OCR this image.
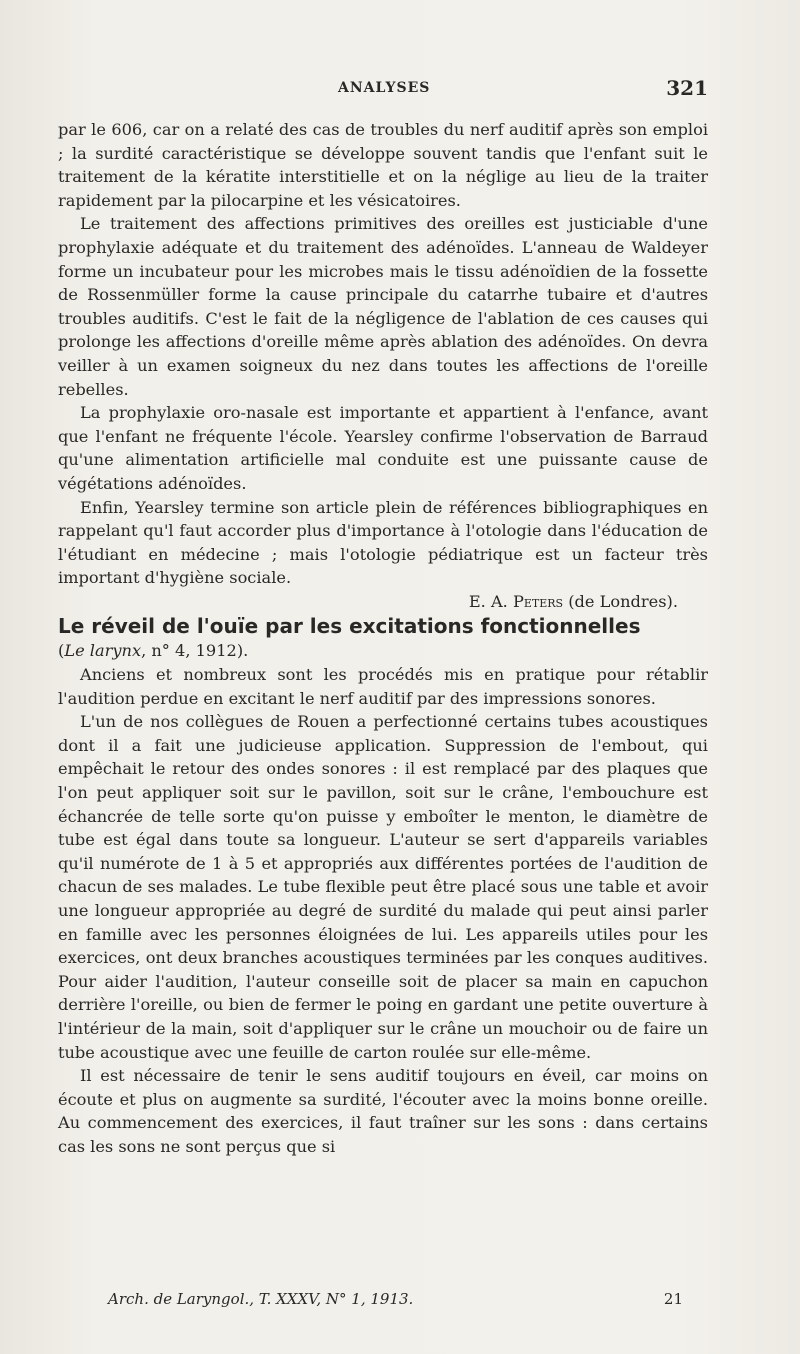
ANALYSES	321

par le 606, car on a relaté des cas de troubles du nerf auditif après son emploi ; la surdité caractéristique se développe souvent tandis que l'enfant suit le traitement de la kératite interstitielle et on la néglige au lieu de la traiter rapidement par la pilocarpine et les vésicatoires.

Le traitement des affections primitives des oreilles est justiciable d'une prophylaxie adéquate et du traitement des adénoïdes. L'anneau de Waldeyer forme un incubateur pour les microbes mais le tissu adénoïdien de la fossette de Rossenmüller forme la cause principale du catarrhe tubaire et d'autres troubles auditifs. C'est le fait de la négligence de l'ablation de ces causes qui prolonge les affections d'oreille même après ablation des adénoïdes. On devra veiller à un examen soigneux du nez dans toutes les affections de l'oreille rebelles.

La prophylaxie oro-nasale est importante et appartient à l'enfance, avant que l'enfant ne fréquente l'école. Yearsley confirme l'observation de Barraud qu'une alimentation artificielle mal conduite est une puissante cause de végétations adénoïdes.

Enfin, Yearsley termine son article plein de références bibliographiques en rappelant qu'l faut accorder plus d'importance à l'otologie dans l'éducation de l'étudiant en médecine ; mais l'otologie pédiatrique est un facteur très important d'hygiène sociale.

E. A. Peters (de Londres).

Le réveil de l'ouïe par les excitations fonctionnelles

(Le larynx, n° 4, 1912).

Anciens et nombreux sont les procédés mis en pratique pour rétablir l'audition perdue en excitant le nerf auditif par des impressions sonores.

L'un de nos collègues de Rouen a perfectionné certains tubes acoustiques dont il a fait une judicieuse application. Suppression de l'embout, qui empêchait le retour des ondes sonores : il est remplacé par des plaques que l'on peut appliquer soit sur le pavillon, soit sur le crâne, l'embouchure est échancrée de telle sorte qu'on puisse y emboîter le menton, le diamètre de tube est égal dans toute sa longueur. L'auteur se sert d'appareils variables qu'il numérote de 1 à 5 et appropriés aux différentes portées de l'audition de chacun de ses malades. Le tube flexible peut être placé sous une table et avoir une longueur appropriée au degré de surdité du malade qui peut ainsi parler en famille avec les personnes éloignées de lui. Les appareils utiles pour les exercices, ont deux branches acoustiques terminées par les conques auditives. Pour aider l'audition, l'auteur conseille soit de placer sa main en capuchon derrière l'oreille, ou bien de fermer le poing en gardant une petite ouverture à l'intérieur de la main, soit d'appliquer sur le crâne un mouchoir ou de faire un tube acoustique avec une feuille de carton roulée sur elle-même.

Il est nécessaire de tenir le sens auditif toujours en éveil, car moins on écoute et plus on augmente sa surdité, l'écouter avec la moins bonne oreille. Au commencement des exercices, il faut traîner sur les sons : dans certains cas les sons ne sont perçus que si

Arch. de Laryngol., T. XXXV, N° 1, 1913.	21
